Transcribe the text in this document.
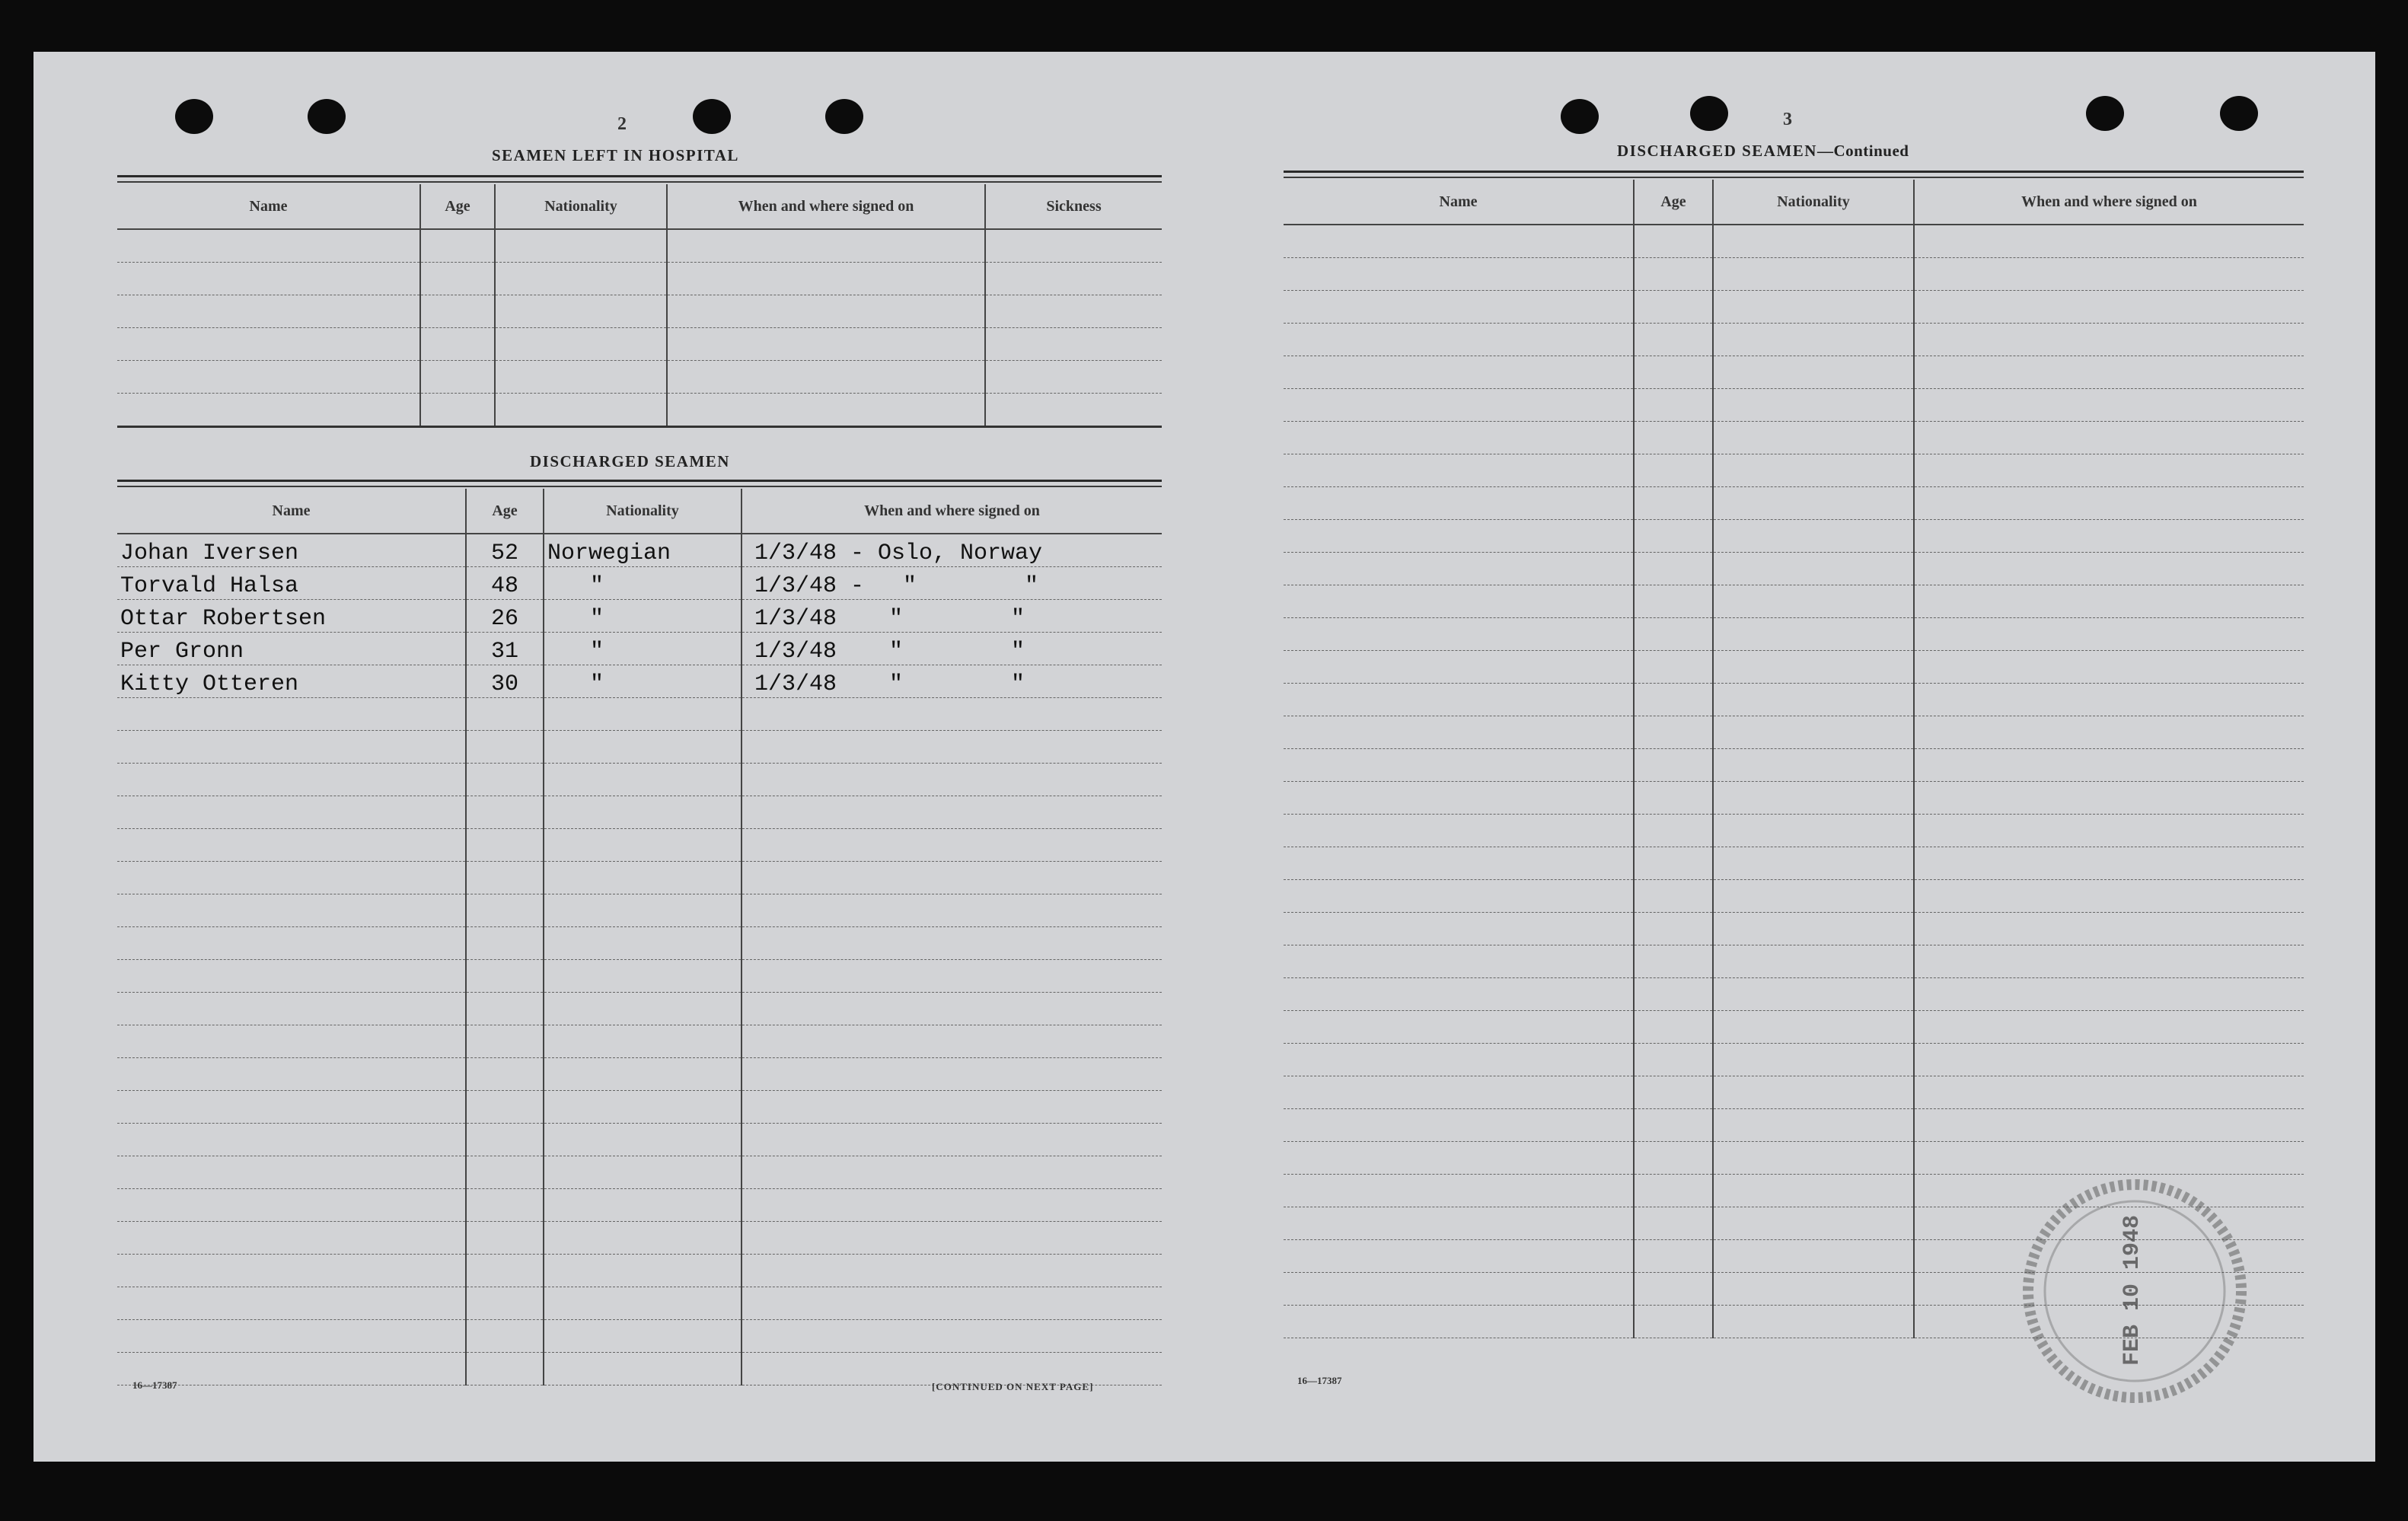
2
SEAMEN LEFT IN HOSPITAL
Name	Age	Nationality	When and where signed on	Sickness

DISCHARGED SEAMEN
Name	Age	Nationality	When and where signed on
Johan Iversen	52	Norwegian	1/3/48 - Oslo, Norway
Torvald Halsa	48	"	1/3/48 - " "
Ottar Robertsen	26	"	1/3/48 " "
Per Gronn	31	"	1/3/48 " "
Kitty Otteren	30	"	1/3/48 " "

16—17387	[CONTINUED ON NEXT PAGE]
3
DISCHARGED SEAMEN—Continued
Name	Age	Nationality	When and where signed on

16—17387
FEB 10 1948
